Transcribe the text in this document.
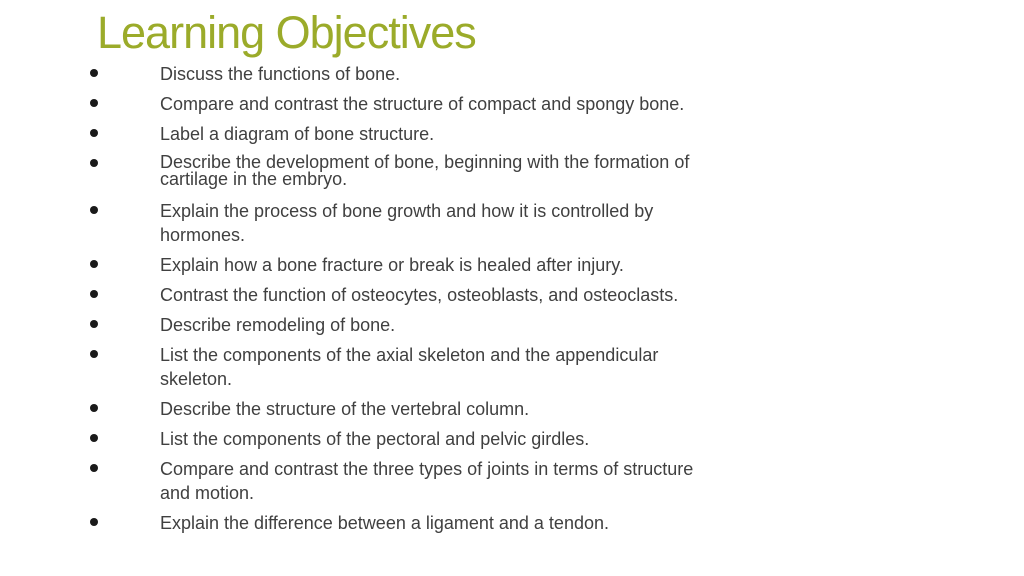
Learning Objectives
Discuss the functions of bone.
Compare and contrast the structure of compact and spongy bone.
Label a diagram of bone structure.
Describe the development of bone, beginning with the formation of cartilage in the embryo.
Explain the process of bone growth and how it is controlled by hormones.
Explain how a bone fracture or break is healed after injury.
Contrast the function of osteocytes, osteoblasts, and osteoclasts.
Describe remodeling of bone.
List the components of the axial skeleton and the appendicular skeleton.
Describe the structure of the vertebral column.
List the components of the pectoral and pelvic girdles.
Compare and contrast the three types of joints in terms of structure and motion.
Explain the difference between a ligament and a tendon.
